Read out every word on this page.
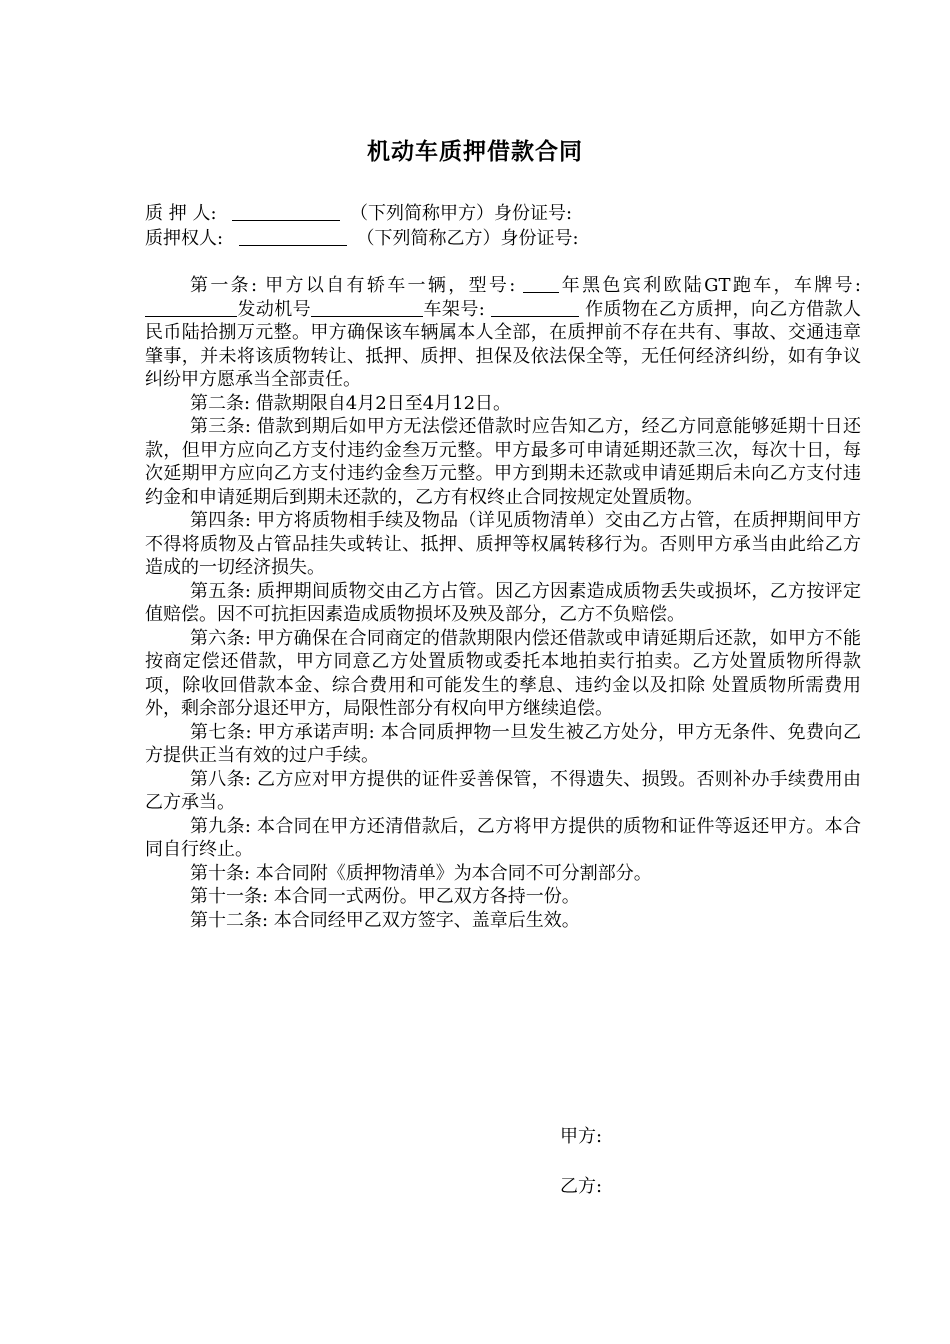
机动车质押借款合同
质 押 人:	（下列简称甲方）身份证号:
质押权人:	（下列简称乙方）身份证号:

第一条: 甲方以自有轿车一辆，型号: 年黑色宾利欧陆GT跑车，车牌号: 发动机号	车架号:	作质物在乙方质押，向乙方借款人民币陆拾捌万元整。甲方确保该车辆属本人全部，在质押前不存在共有、事故、交通违章肇事，并未将该质物转让、抵押、质押、担保及依法保全等，无任何经济纠纷，如有争议纠纷甲方愿承当全部责任。

第二条: 借款期限自4月2日至4月12日。

第三条: 借款到期后如甲方无法偿还借款时应告知乙方，经乙方同意能够延期十日还款，但甲方应向乙方支付违约金叁万元整。甲方最多可申请延期还款三次，每次十日，每次延期甲方应向乙方支付违约金叁万元整。甲方到期未还款或申请延期后未向乙方支付违约金和申请延期后到期未还款的，乙方有权终止合同按规定处置质物。

第四条: 甲方将质物相手续及物品（详见质物清单）交由乙方占管，在质押期间甲方不得将质物及占管品挂失或转让、抵押、质押等权属转移行为。否则甲方承当由此给乙方造成的一切经济损失。

第五条: 质押期间质物交由乙方占管。因乙方因素造成质物丢失或损坏，乙方按评定值赔偿。因不可抗拒因素造成质物损坏及殃及部分，乙方不负赔偿。

第六条: 甲方确保在合同商定的借款期限内偿还借款或申请延期后还款，如甲方不能按商定偿还借款，甲方同意乙方处置质物或委托本地拍卖行拍卖。乙方处置质物所得款项，除收回借款本金、综合费用和可能发生的孳息、违约金以及扣除 处置质物所需费用外，剩余部分退还甲方，局限性部分有权向甲方继续追偿。

第七条: 甲方承诺声明: 本合同质押物一旦发生被乙方处分，甲方无条件、免费向乙方提供正当有效的过户手续。

第八条: 乙方应对甲方提供的证件妥善保管，不得遗失、损毁。否则补办手续费用由乙方承当。

第九条: 本合同在甲方还清借款后，乙方将甲方提供的质物和证件等返还甲方。本合同自行终止。

第十条: 本合同附《质押物清单》为本合同不可分割部分。

第十一条: 本合同一式两份。甲乙双方各持一份。

第十二条: 本合同经甲乙双方签字、盖章后生效。

甲方:
乙方:
